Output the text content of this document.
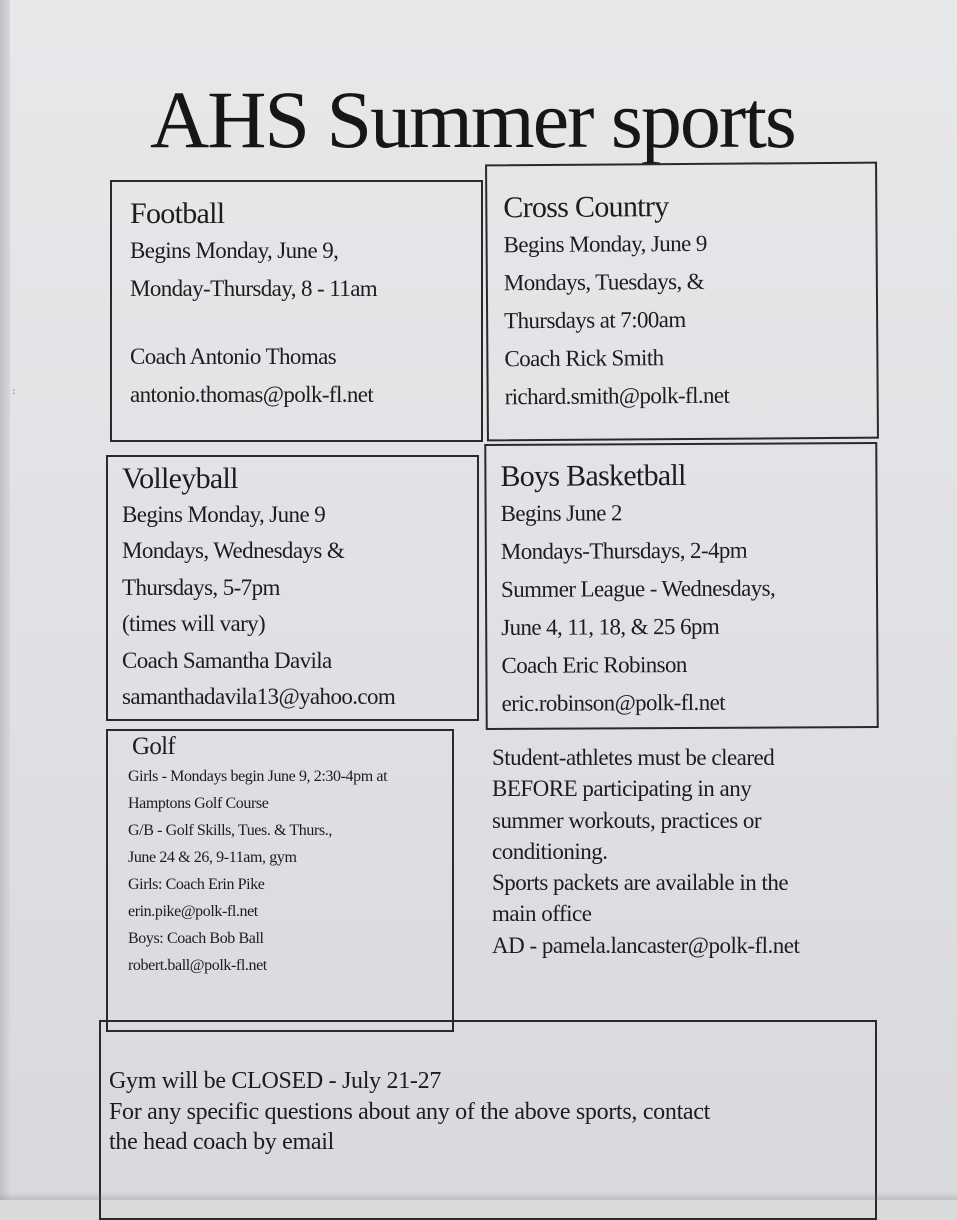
:
AHS Summer sports
Football
Begins Monday, June 9,
Monday-Thursday, 8 - 11am
Coach Antonio Thomas
antonio.thomas@polk-fl.net
Cross Country
Begins Monday, June 9
Mondays, Tuesdays, &
Thursdays at 7:00am
Coach Rick Smith
richard.smith@polk-fl.net
Volleyball
Begins Monday, June 9
Mondays, Wednesdays &
Thursdays, 5-7pm
(times will vary)
Coach Samantha Davila
samanthadavila13@yahoo.com
Boys Basketball
Begins June 2
Mondays-Thursdays, 2-4pm
Summer League - Wednesdays,
June 4, 11, 18, & 25 6pm
Coach Eric Robinson
eric.robinson@polk-fl.net
Golf
Girls - Mondays begin June 9, 2:30-4pm at
Hamptons Golf Course
G/B - Golf Skills, Tues. & Thurs.,
June 24 & 26, 9-11am, gym
Girls: Coach Erin Pike
erin.pike@polk-fl.net
Boys: Coach Bob Ball
robert.ball@polk-fl.net
Student-athletes must be cleared
BEFORE participating in any
summer workouts, practices or
conditioning.
Sports packets are available in the
main office
AD - pamela.lancaster@polk-fl.net
Gym will be CLOSED - July 21-27
For any specific questions about any of the above sports, contact
the head coach by email
